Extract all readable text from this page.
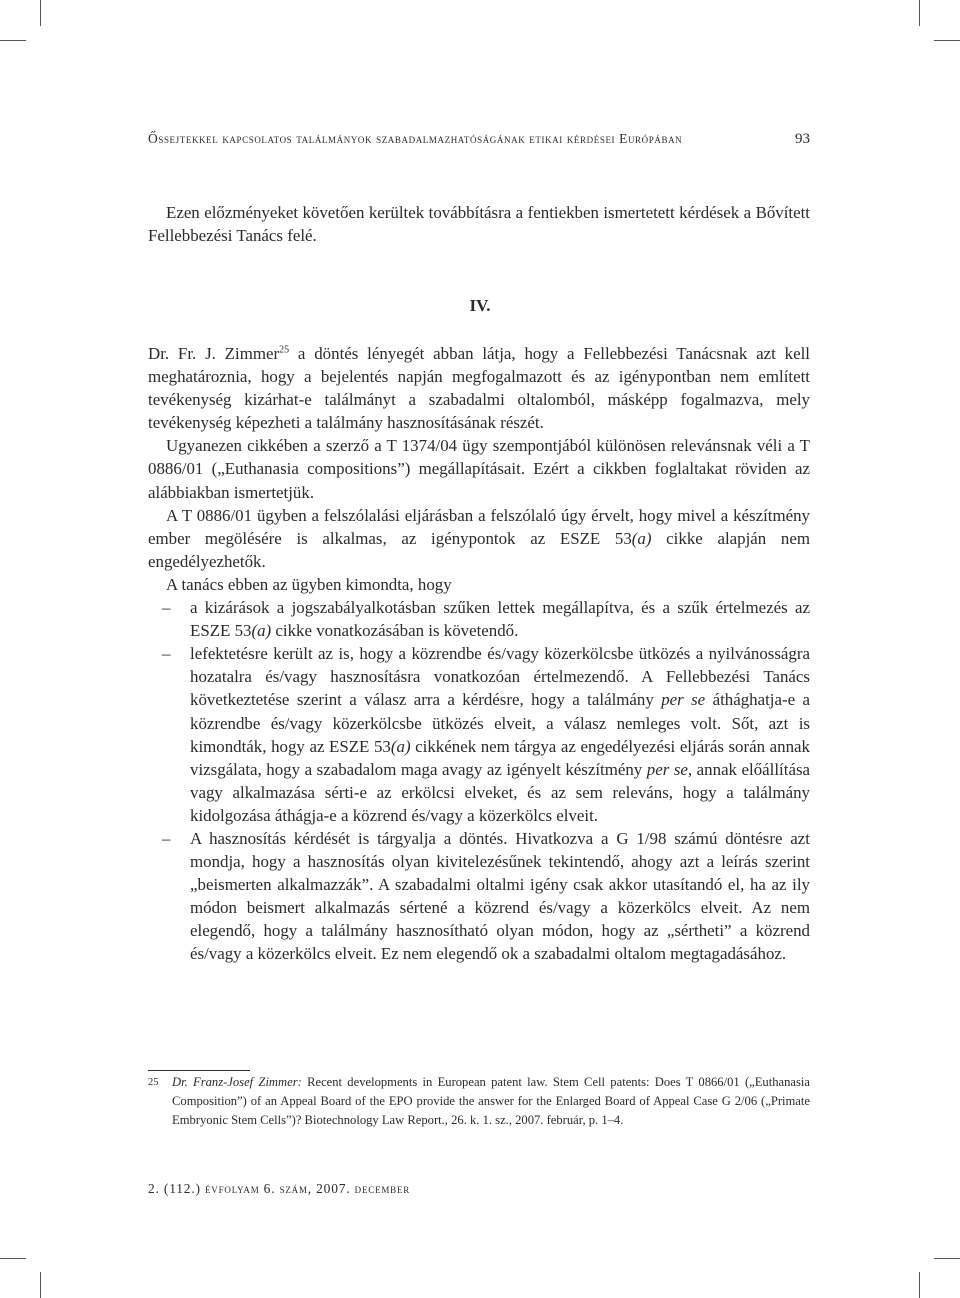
Őssejtekkel kapcsolatos találmányok szabadalmazhatóságának etikai kérdései Európában	93

Ezen előzményeket követően kerültek továbbításra a fentiekben ismertetett kérdések a Bővített Fellebbezési Tanács felé.

IV.

Dr. Fr. J. Zimmer$^{25}$ a döntés lényegét abban látja, hogy a Fellebbezési Tanácsnak azt kell meghatároznia, hogy a bejelentés napján megfogalmazott és az igénypontban nem említett tevékenység kizárhat-e találmányt a szabadalmi oltalomból, másképp fogalmazva, mely tevékenység képezheti a találmány hasznosításának részét.

Ugyanezen cikkében a szerző a T 1374/04 ügy szempontjából különösen relevánsnak véli a T 0886/01 („Euthanasia compositions”) megállapításait. Ezért a cikkben foglaltakat röviden az alábbiakban ismertetjük.

A T 0886/01 ügyben a felszólalási eljárásban a felszólaló úgy érvelt, hogy mivel a készítmény ember megölésére is alkalmas, az igénypontok az ESZE 53(a) cikke alapján nem engedélyezhetők.

A tanács ebben az ügyben kimondta, hogy

– a kizárások a jogszabályalkotásban szűken lettek megállapítva, és a szűk értelmezés az ESZE 53(a) cikke vonatkozásában is követendő.
– lefektetésre került az is, hogy a közrendbe és/vagy közerkölcsbe ütközés a nyilvánosságra hozatalra és/vagy hasznosításra vonatkozóan értelmezendő. A Fellebbezési Tanács következtetése szerint a válasz arra a kérdésre, hogy a találmány per se áthághatja-e a közrendbe és/vagy közerkölcsbe ütközés elveit, a válasz nemleges volt. Sőt, azt is kimondták, hogy az ESZE 53(a) cikkének nem tárgya az engedélyezési eljárás során annak vizsgálata, hogy a szabadalom maga avagy az igényelt készítmény per se, annak előállítása vagy alkalmazása sérti-e az erkölcsi elveket, és az sem releváns, hogy a találmány kidolgozása áthágja-e a közrend és/vagy a közerkölcs elveit.
– A hasznosítás kérdését is tárgyalja a döntés. Hivatkozva a G 1/98 számú döntésre azt mondja, hogy a hasznosítás olyan kivitelezésűnek tekintendő, ahogy azt a leírás szerint „beismerten alkalmazzák”. A szabadalmi oltalmi igény csak akkor utasítandó el, ha az ily módon beismert alkalmazás sértené a közrend és/vagy a közerkölcs elveit. Az nem elegendő, hogy a találmány hasznosítható olyan módon, hogy az „sértheti” a közrend és/vagy a közerkölcs elveit. Ez nem elegendő ok a szabadalmi oltalom megtagadásához.
25	Dr. Franz-Josef Zimmer: Recent developments in European patent law. Stem Cell patents: Does T 0866/01 („Euthanasia Composition”) of an Appeal Board of the EPO provide the answer for the Enlarged Board of Appeal Case G 2/06 („Primate Embryonic Stem Cells”)? Biotechnology Law Report., 26. k. 1. sz., 2007. február, p. 1–4.
2. (112.) évfolyam 6. szám, 2007. december
